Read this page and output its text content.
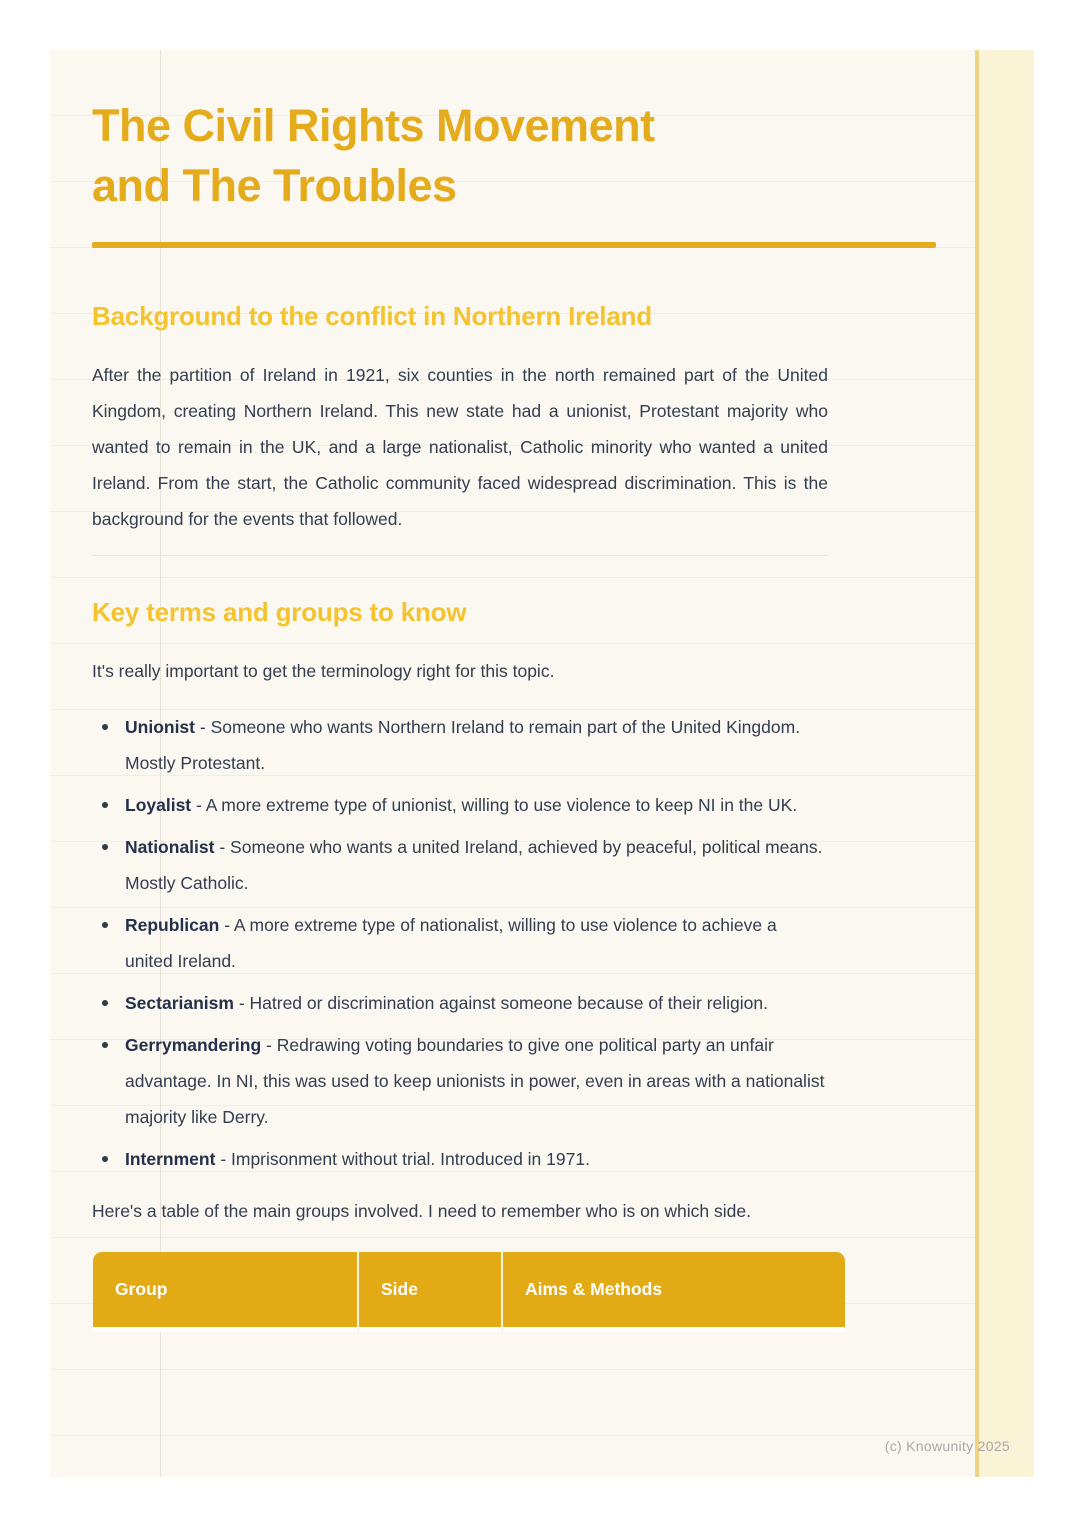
The Civil Rights Movement
and The Troubles
Background to the conflict in Northern Ireland

After the partition of Ireland in 1921, six counties in the north remained part of the United Kingdom, creating Northern Ireland. This new state had a unionist, Protestant majority who wanted to remain in the UK, and a large nationalist, Catholic minority who wanted a united Ireland. From the start, the Catholic community faced widespread discrimination. This is the background for the events that followed.

Key terms and groups to know

It's really important to get the terminology right for this topic.

Unionist - Someone who wants Northern Ireland to remain part of the United Kingdom. Mostly Protestant.
Loyalist - A more extreme type of unionist, willing to use violence to keep NI in the UK.
Nationalist - Someone who wants a united Ireland, achieved by peaceful, political means. Mostly Catholic.
Republican - A more extreme type of nationalist, willing to use violence to achieve a united Ireland.
Sectarianism - Hatred or discrimination against someone because of their religion.
Gerrymandering - Redrawing voting boundaries to give one political party an unfair advantage. In NI, this was used to keep unionists in power, even in areas with a nationalist majority like Derry.
Internment - Imprisonment without trial. Introduced in 1971.

Here's a table of the main groups involved. I need to remember who is on which side.

Group	Side	Aims & Methods
(c) Knowunity 2025
